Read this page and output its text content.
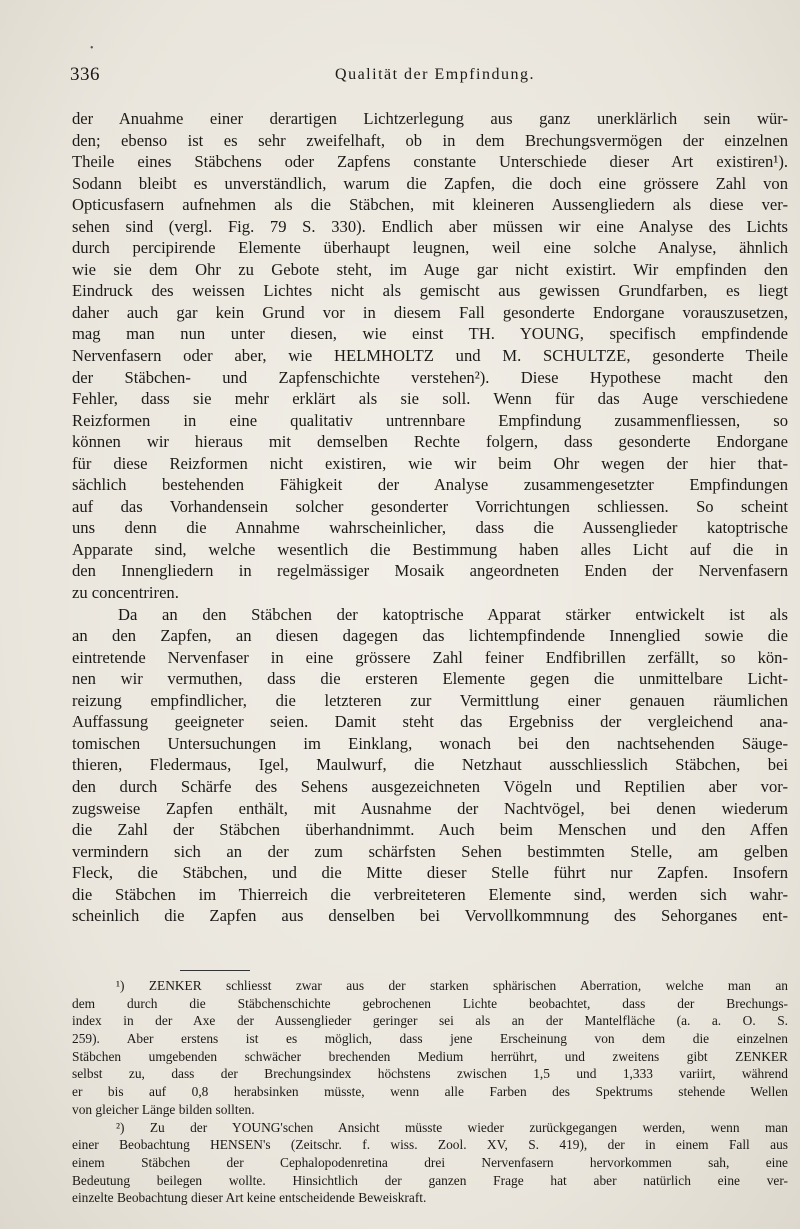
•
336	Qualität der Empfindung.
der Anuahme einer derartigen Lichtzerlegung aus ganz unerklärlich sein wür-
den; ebenso ist es sehr zweifelhaft, ob in dem Brechungsvermögen der einzelnen
Theile eines Stäbchens oder Zapfens constante Unterschiede dieser Art existiren¹).
Sodann bleibt es unverständlich, warum die Zapfen, die doch eine grössere Zahl von
Opticusfasern aufnehmen als die Stäbchen, mit kleineren Aussengliedern als diese ver-
sehen sind (vergl. Fig. 79 S. 330). Endlich aber müssen wir eine Analyse des Lichts
durch percipirende Elemente überhaupt leugnen, weil eine solche Analyse, ähnlich
wie sie dem Ohr zu Gebote steht, im Auge gar nicht existirt. Wir empfinden den
Eindruck des weissen Lichtes nicht als gemischt aus gewissen Grundfarben, es liegt
daher auch gar kein Grund vor in diesem Fall gesonderte Endorgane vorauszusetzen,
mag man nun unter diesen, wie einst TH. YOUNG, specifisch empfindende
Nervenfasern oder aber, wie HELMHOLTZ und M. SCHULTZE, gesonderte Theile
der Stäbchen- und Zapfenschichte verstehen²). Diese Hypothese macht den
Fehler, dass sie mehr erklärt als sie soll. Wenn für das Auge verschiedene
Reizformen in eine qualitativ untrennbare Empfindung zusammenfliessen, so
können wir hieraus mit demselben Rechte folgern, dass gesonderte Endorgane
für diese Reizformen nicht existiren, wie wir beim Ohr wegen der hier that-
sächlich bestehenden Fähigkeit der Analyse zusammengesetzter Empfindungen
auf das Vorhandensein solcher gesonderter Vorrichtungen schliessen. So scheint
uns denn die Annahme wahrscheinlicher, dass die Aussenglieder katoptrische
Apparate sind, welche wesentlich die Bestimmung haben alles Licht auf die in
den Innengliedern in regelmässiger Mosaik angeordneten Enden der Nervenfasern
zu concentriren.
Da an den Stäbchen der katoptrische Apparat stärker entwickelt ist als
an den Zapfen, an diesen dagegen das lichtempfindende Innenglied sowie die
eintretende Nervenfaser in eine grössere Zahl feiner Endfibrillen zerfällt, so kön-
nen wir vermuthen, dass die ersteren Elemente gegen die unmittelbare Licht-
reizung empfindlicher, die letzteren zur Vermittlung einer genauen räumlichen
Auffassung geeigneter seien. Damit steht das Ergebniss der vergleichend ana-
tomischen Untersuchungen im Einklang, wonach bei den nachtsehenden Säuge-
thieren, Fledermaus, Igel, Maulwurf, die Netzhaut ausschliesslich Stäbchen, bei
den durch Schärfe des Sehens ausgezeichneten Vögeln und Reptilien aber vor-
zugsweise Zapfen enthält, mit Ausnahme der Nachtvögel, bei denen wiederum
die Zahl der Stäbchen überhandnimmt. Auch beim Menschen und den Affen
vermindern sich an der zum schärfsten Sehen bestimmten Stelle, am gelben
Fleck, die Stäbchen, und die Mitte dieser Stelle führt nur Zapfen. Insofern
die Stäbchen im Thierreich die verbreiteteren Elemente sind, werden sich wahr-
scheinlich die Zapfen aus denselben bei Vervollkommnung des Sehorganes ent-
¹) ZENKER schliesst zwar aus der starken sphärischen Aberration, welche man an
dem durch die Stäbchenschichte gebrochenen Lichte beobachtet, dass der Brechungs-
index in der Axe der Aussenglieder geringer sei als an der Mantelfläche (a. a. O. S.
259). Aber erstens ist es möglich, dass jene Erscheinung von dem die einzelnen
Stäbchen umgebenden schwächer brechenden Medium herrührt, und zweitens gibt ZENKER
selbst zu, dass der Brechungsindex höchstens zwischen 1,5 und 1,333 variirt, während
er bis auf 0,8 herabsinken müsste, wenn alle Farben des Spektrums stehende Wellen
von gleicher Länge bilden sollten.
²) Zu der YOUNG'schen Ansicht müsste wieder zurückgegangen werden, wenn man
einer Beobachtung HENSEN's (Zeitschr. f. wiss. Zool. XV, S. 419), der in einem Fall aus
einem Stäbchen der Cephalopodenretina drei Nervenfasern hervorkommen sah, eine
Bedeutung beilegen wollte. Hinsichtlich der ganzen Frage hat aber natürlich eine ver-
einzelte Beobachtung dieser Art keine entscheidende Beweiskraft.
